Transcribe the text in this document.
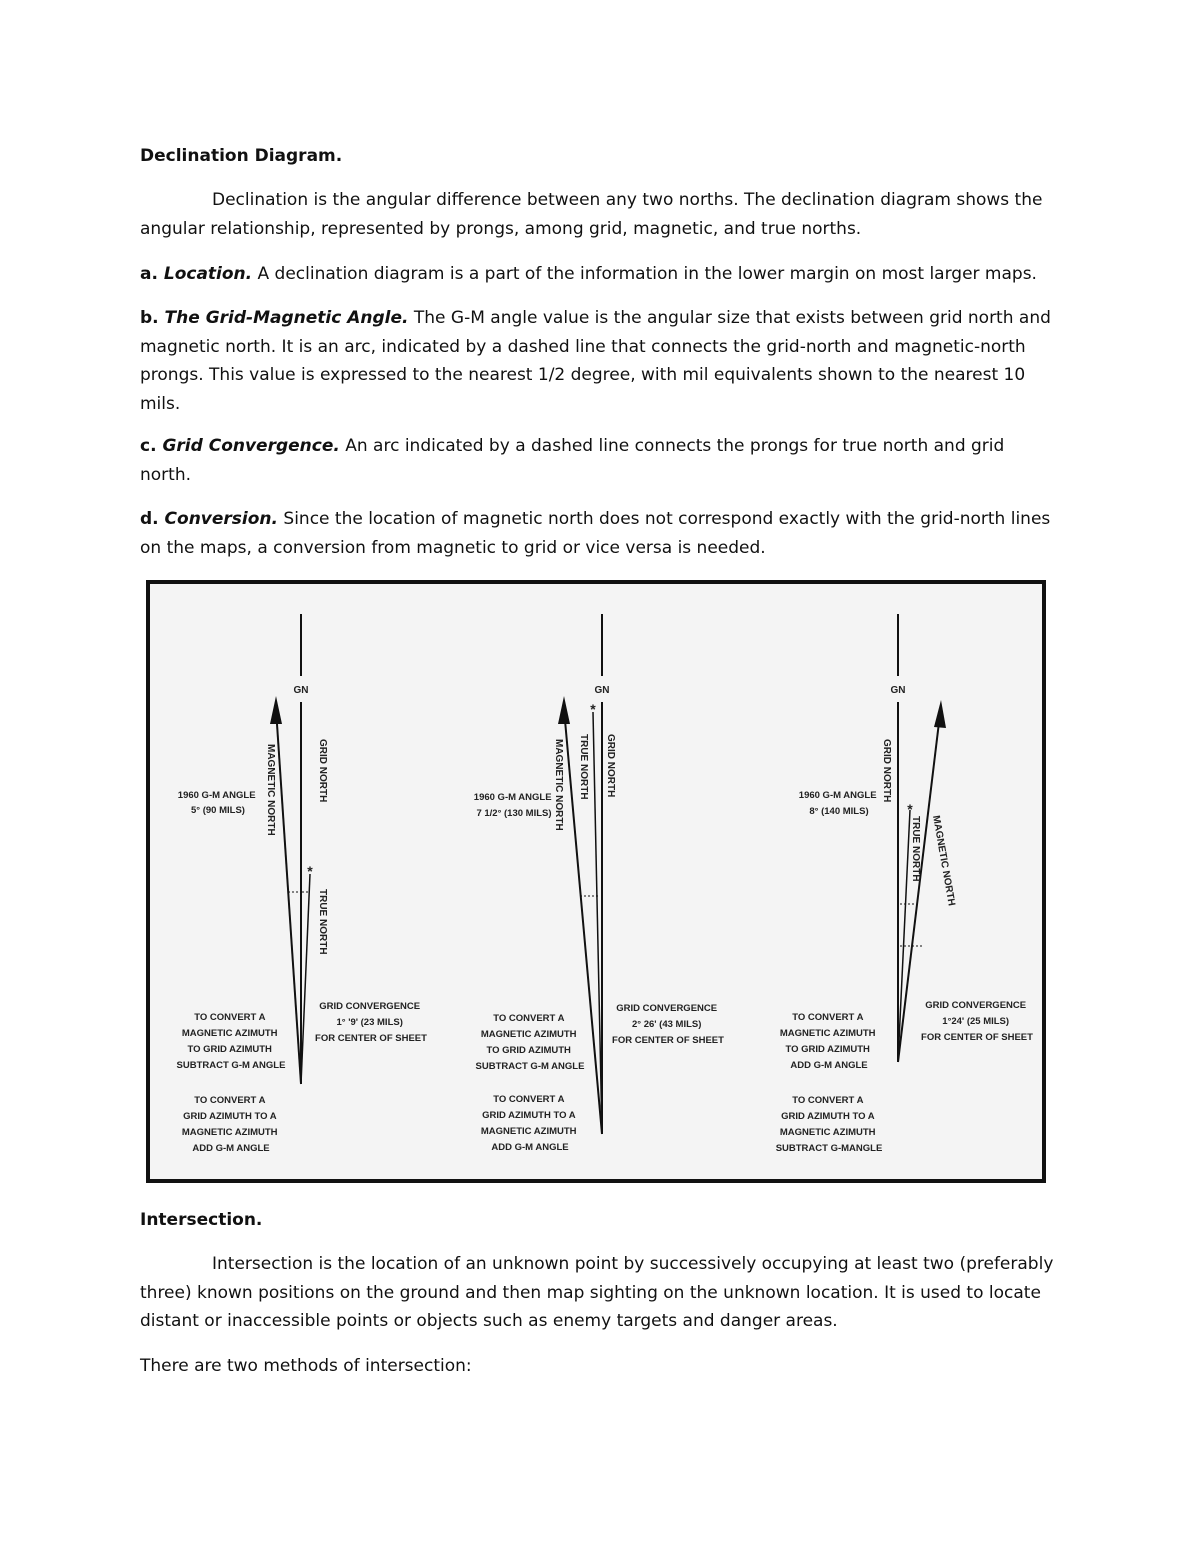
Declination Diagram.
Declination is the angular difference between any two norths. The declination diagram shows the angular relationship, represented by prongs, among grid, magnetic, and true norths.
a. Location. A declination diagram is a part of the information in the lower margin on most larger maps.
b. The Grid-Magnetic Angle. The G-M angle value is the angular size that exists between grid north and magnetic north. It is an arc, indicated by a dashed line that connects the grid-north and magnetic-north prongs. This value is expressed to the nearest 1/2 degree, with mil equivalents shown to the nearest 10 mils.
c. Grid Convergence. An arc indicated by a dashed line connects the prongs for true north and grid north.
d. Conversion. Since the location of magnetic north does not correspond exactly with the grid-north lines on the maps, a conversion from magnetic to grid or vice versa is needed.
GN
*
MAGNETIC NORTH	GRID NORTH
TRUE NORTH
1960 G-M ANGLE 5° (90 MILS)
GRID CONVERGENCE 1° '9' (23 MILS) FOR CENTER OF SHEET
TO CONVERT A MAGNETIC AZIMUTH TO GRID AZIMUTH SUBTRACT G-M ANGLE
TO CONVERT A GRID AZIMUTH TO A MAGNETIC AZIMUTH ADD G-M ANGLE
GN
*
MAGNETIC NORTH TRUE NORTH GRID NORTH
1960 G-M ANGLE 7 1/2° (130 MILS)
GRID CONVERGENCE 2° 26' (43 MILS) FOR CENTER OF SHEET
TO CONVERT A MAGNETIC AZIMUTH TO GRID AZIMUTH SUBTRACT G-M ANGLE
TO CONVERT A GRID AZIMUTH TO A MAGNETIC AZIMUTH ADD G-M ANGLE
GN
*
GRID NORTH
TRUE NORTH MAGNETIC NORTH
1960 G-M ANGLE 8° (140 MILS)
GRID CONVERGENCE 1°24' (25 MILS) FOR CENTER OF SHEET
TO CONVERT A MAGNETIC AZIMUTH TO GRID AZIMUTH ADD G-M ANGLE
TO CONVERT A GRID AZIMUTH TO A MAGNETIC AZIMUTH SUBTRACT G-MANGLE
Intersection.
Intersection is the location of an unknown point by successively occupying at least two (preferably three) known positions on the ground and then map sighting on the unknown location. It is used to locate distant or inaccessible points or objects such as enemy targets and danger areas.
There are two methods of intersection:
